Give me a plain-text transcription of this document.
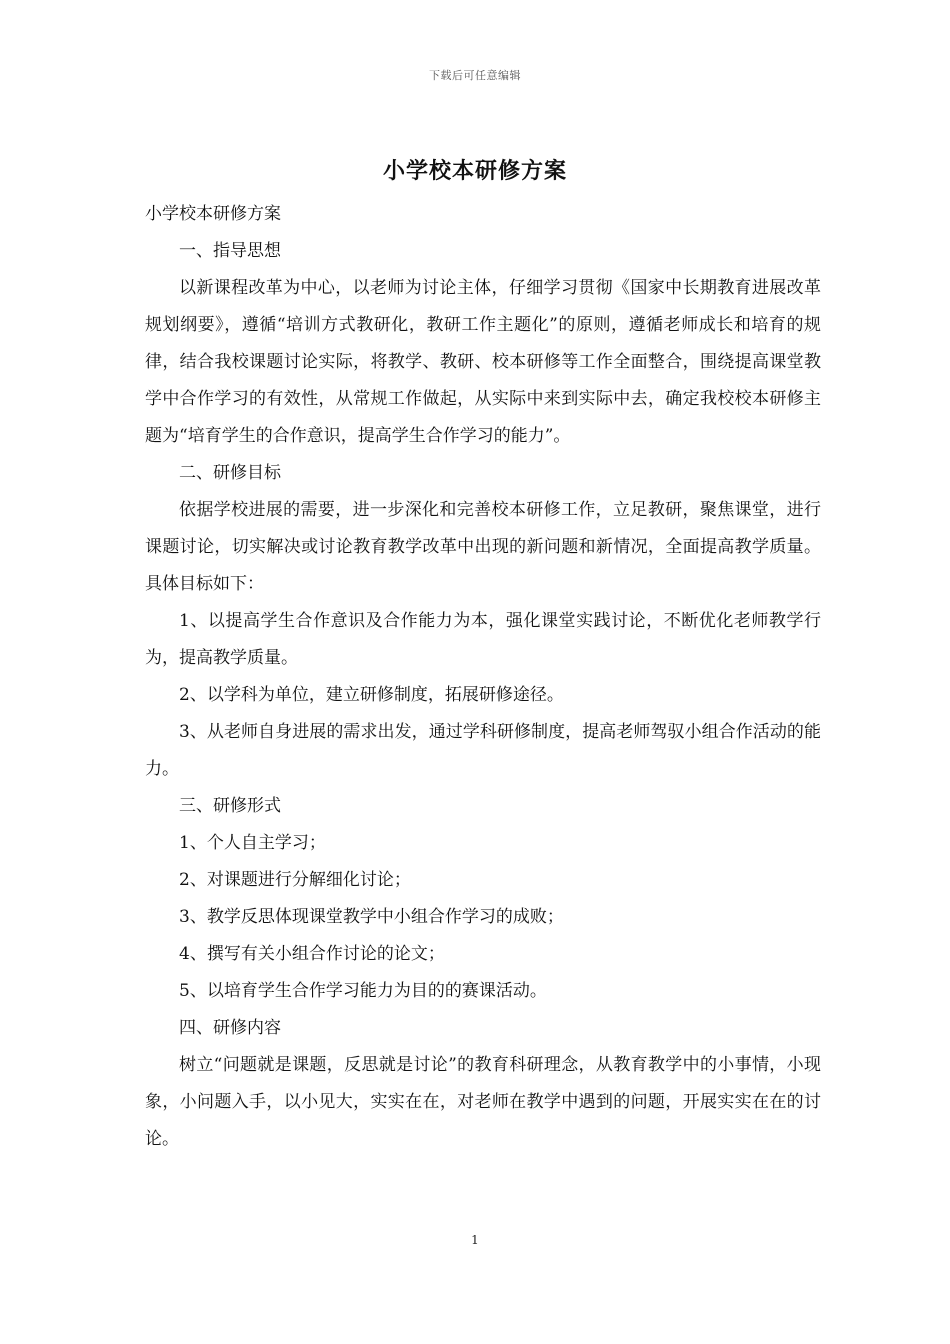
下载后可任意编辑
小学校本研修方案

小学校本研修方案

一、指导思想

以新课程改革为中心，以老师为讨论主体，仔细学习贯彻《国家中长期教育进展改革规划纲要》，遵循“培训方式教研化，教研工作主题化”的原则，遵循老师成长和培育的规律，结合我校课题讨论实际，将教学、教研、校本研修等工作全面整合，围绕提高课堂教学中合作学习的有效性，从常规工作做起，从实际中来到实际中去，确定我校校本研修主题为“培育学生的合作意识，提高学生合作学习的能力”。

二、研修目标

依据学校进展的需要，进一步深化和完善校本研修工作，立足教研，聚焦课堂，进行课题讨论，切实解决或讨论教育教学改革中出现的新问题和新情况，全面提高教学质量。具体目标如下：

1、以提高学生合作意识及合作能力为本，强化课堂实践讨论，不断优化老师教学行为，提高教学质量。

2、以学科为单位，建立研修制度，拓展研修途径。

3、从老师自身进展的需求出发，通过学科研修制度，提高老师驾驭小组合作活动的能力。

三、研修形式

1、个人自主学习；

2、对课题进行分解细化讨论；

3、教学反思体现课堂教学中小组合作学习的成败；

4、撰写有关小组合作讨论的论文；

5、以培育学生合作学习能力为目的的赛课活动。

四、研修内容

树立“问题就是课题，反思就是讨论”的教育科研理念，从教育教学中的小事情，小现象，小问题入手，以小见大，实实在在，对老师在教学中遇到的问题，开展实实在在的讨论。

1
